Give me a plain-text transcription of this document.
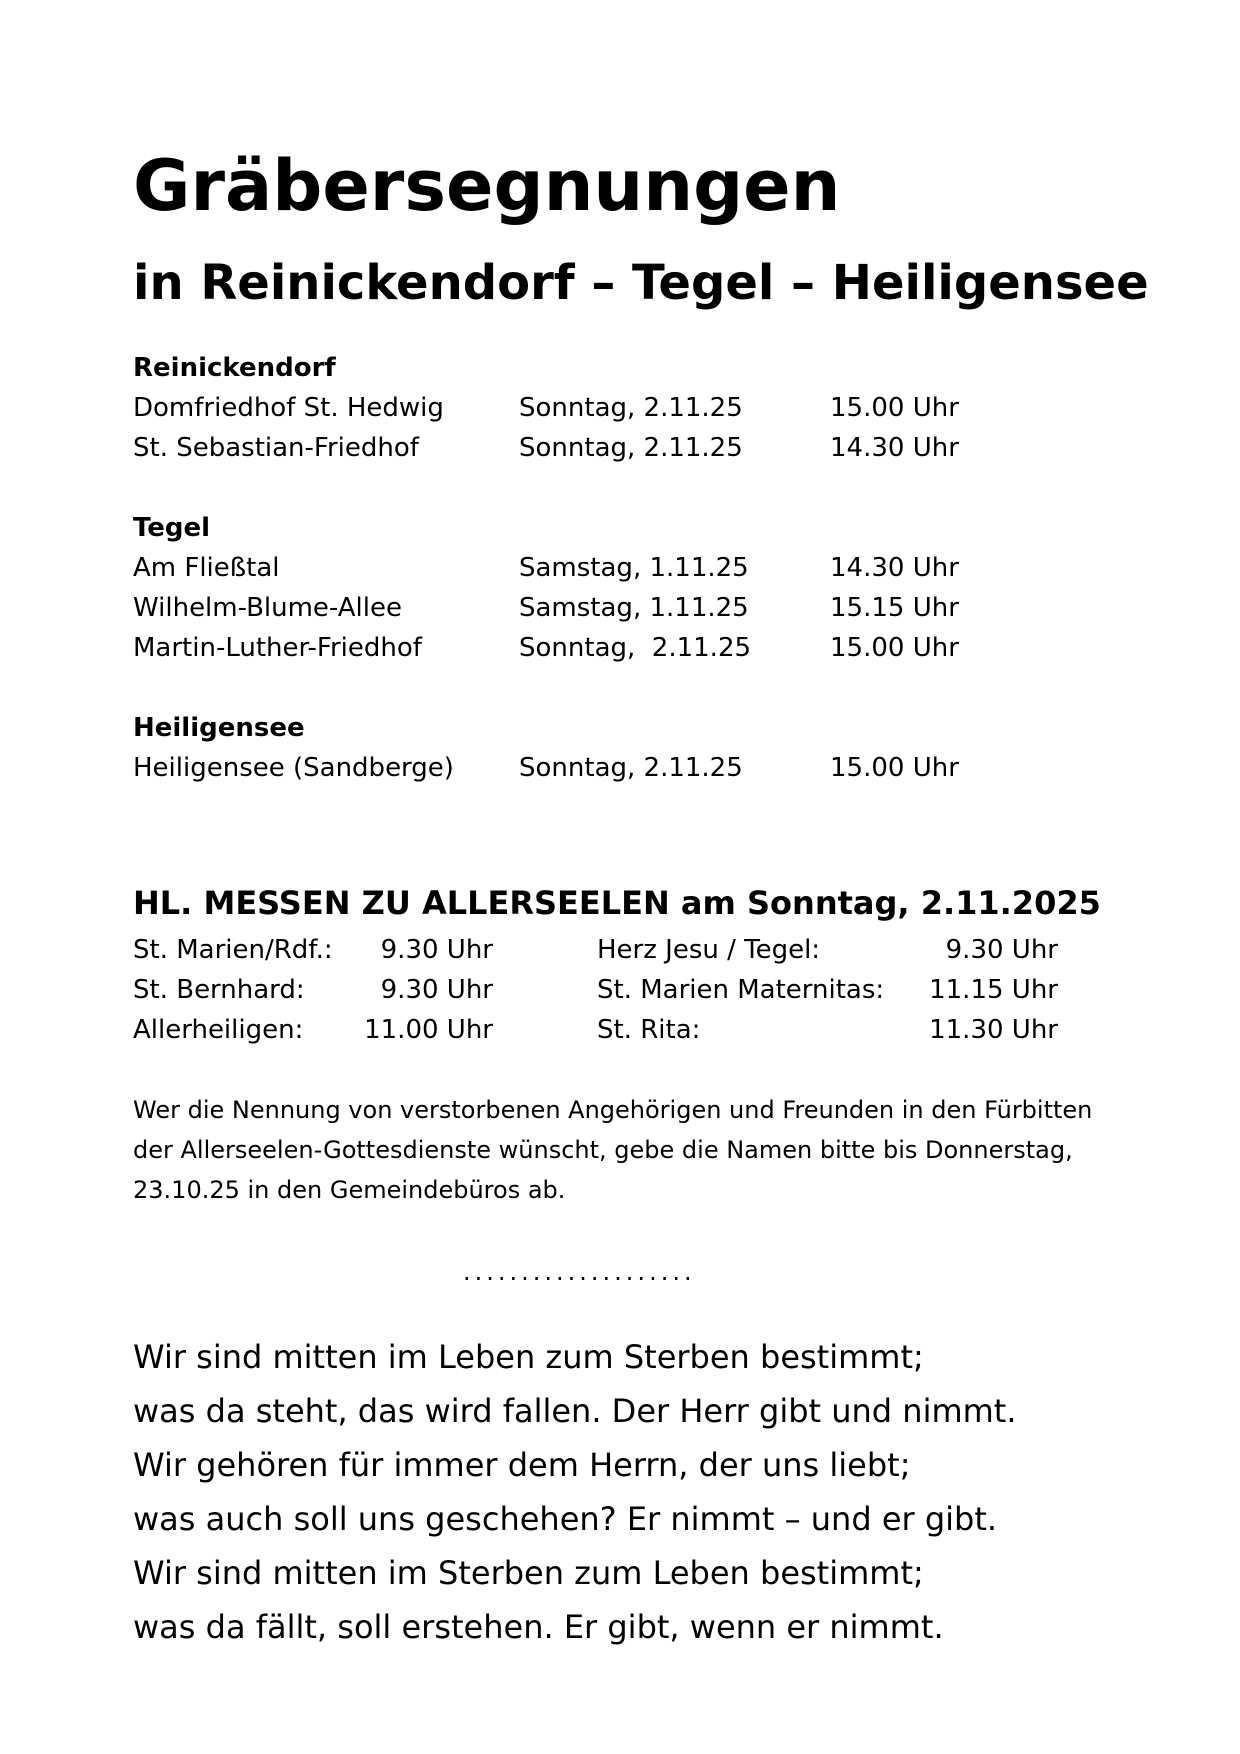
Gräbersegnungen
in Reinickendorf – Tegel – Heiligensee
Reinickendorf
Domfriedhof St. Hedwig	Sonntag, 2.11.25	15.00 Uhr
St. Sebastian-Friedhof	Sonntag, 2.11.25	14.30 Uhr
Tegel
Am Fließtal	Samstag, 1.11.25	14.30 Uhr
Wilhelm-Blume-Allee	Samstag, 1.11.25	15.15 Uhr
Martin-Luther-Friedhof	Sonntag,  2.11.25	15.00 Uhr
Heiligensee
Heiligensee (Sandberge)	Sonntag, 2.11.25	15.00 Uhr
HL. MESSEN ZU ALLERSEELEN am Sonntag, 2.11.2025
St. Marien/Rdf.:	9.30 Uhr	Herz Jesu / Tegel:	9.30 Uhr
St. Bernhard:	9.30 Uhr	St. Marien Maternitas:	11.15 Uhr
Allerheiligen:	11.00 Uhr	St. Rita:	11.30 Uhr

Wer die Nennung von verstorbenen Angehörigen und Freunden in den Fürbitten der Allerseelen-Gottesdienste wünscht, gebe die Namen bitte bis Donnerstag, 23.10.25 in den Gemeindebüros ab.

....................
Wir sind mitten im Leben zum Sterben bestimmt;
was da steht, das wird fallen. Der Herr gibt und nimmt.
Wir gehören für immer dem Herrn, der uns liebt;
was auch soll uns geschehen? Er nimmt – und er gibt.
Wir sind mitten im Sterben zum Leben bestimmt;
was da fällt, soll erstehen. Er gibt, wenn er nimmt.
